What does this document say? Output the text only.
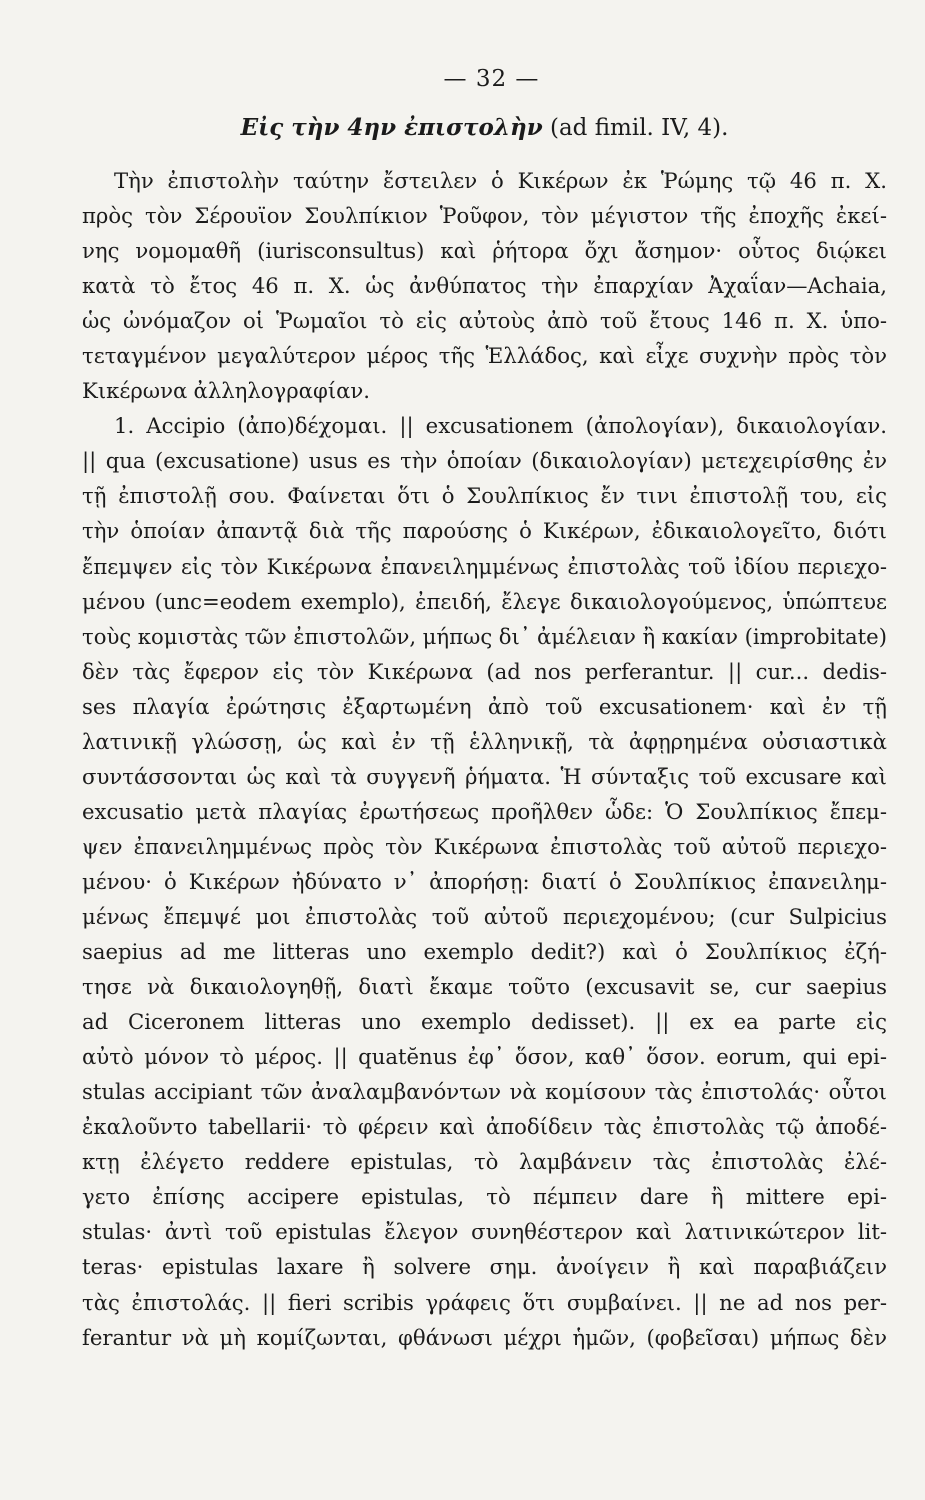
— 32 —
Εἰς τὴν 4ην ἐπιστολὴν (ad fimil. IV, 4).
Τὴν ἐπιστολὴν ταύτην ἔστειλεν ὁ Κικέρων ἐκ Ῥώμης τῷ 46 π. Χ.
πρὸς τὸν Σέρουϊον Σουλπίκιον Ῥοῦφον, τὸν μέγιστον τῆς ἐποχῆς ἐκεί-
νης νομομαθῆ (iurisconsultus) καὶ ῥήτορα ὄχι ἄσημον· οὗτος διῴκει
κατὰ τὸ ἔτος 46 π. Χ. ὡς ἀνθύπατος τὴν ἐπαρχίαν Ἀχαΐαν—Achaia,
ὡς ὠνόμαζον οἱ Ῥωμαῖοι τὸ εἰς αὐτοὺς ἀπὸ τοῦ ἔτους 146 π. Χ. ὑπο-
τεταγμένον μεγαλύτερον μέρος τῆς Ἑλλάδος, καὶ εἶχε συχνὴν πρὸς τὸν
Κικέρωνα ἀλληλογραφίαν.
1. Accipio (ἀπο)δέχομαι. || excusationem (ἀπολογίαν), δικαιολογίαν.
|| qua (excusatione) usus es τὴν ὁποίαν (δικαιολογίαν) μετεχειρίσθης ἐν
τῇ ἐπιστολῇ σου. Φαίνεται ὅτι ὁ Σουλπίκιος ἔν τινι ἐπιστολῇ του, εἰς
τὴν ὁποίαν ἀπαντᾷ διὰ τῆς παρούσης ὁ Κικέρων, ἐδικαιολογεῖτο, διότι
ἔπεμψεν εἰς τὸν Κικέρωνα ἐπανειλημμένως ἐπιστολὰς τοῦ ἰδίου περιεχο-
μένου (unc=eodem exemplo), ἐπειδή, ἔλεγε δικαιολογούμενος, ὑπώπτευε
τοὺς κομιστὰς τῶν ἐπιστολῶν, μήπως δι᾽ ἀμέλειαν ἢ κακίαν (improbitate)
δὲν τὰς ἔφερον εἰς τὸν Κικέρωνα (ad nos perferantur. || cur... dedis-
ses πλαγία ἐρώτησις ἐξαρτωμένη ἀπὸ τοῦ excusationem· καὶ ἐν τῇ
λατινικῇ γλώσσῃ, ὡς καὶ ἐν τῇ ἑλληνικῇ, τὰ ἀφῃρημένα οὐσιαστικὰ
συντάσσονται ὡς καὶ τὰ συγγενῆ ῥήματα. Ἡ σύνταξις τοῦ excusare καὶ
excusatio μετὰ πλαγίας ἐρωτήσεως προῆλθεν ὧδε: Ὁ Σουλπίκιος ἔπεμ-
ψεν ἐπανειλημμένως πρὸς τὸν Κικέρωνα ἐπιστολὰς τοῦ αὐτοῦ περιεχο-
μένου· ὁ Κικέρων ἠδύνατο ν᾽ ἀπορήσῃ: διατί ὁ Σουλπίκιος ἐπανειλημ-
μένως ἔπεμψέ μοι ἐπιστολὰς τοῦ αὐτοῦ περιεχομένου; (cur Sulpicius
saepius ad me litteras uno exemplo dedit?) καὶ ὁ Σουλπίκιος ἐζή-
τησε νὰ δικαιολογηθῇ, διατὶ ἔκαμε τοῦτο (excusavit se, cur saepius
ad Ciceronem litteras uno exemplo dedisset). || ex ea parte εἰς
αὐτὸ μόνον τὸ μέρος. || quatĕnus ἐφ᾽ ὅσον, καθ᾽ ὅσον. eorum, qui epi-
stulas accipiant τῶν ἀναλαμβανόντων νὰ κομίσουν τὰς ἐπιστολάς· οὗτοι
ἐκαλοῦντο tabellarii· τὸ φέρειν καὶ ἀποδίδειν τὰς ἐπιστολὰς τῷ ἀποδέ-
κτῃ ἐλέγετο reddere epistulas, τὸ λαμβάνειν τὰς ἐπιστολὰς ἐλέ-
γετο ἐπίσης accipere epistulas, τὸ πέμπειν dare ἢ mittere epi-
stulas· ἀντὶ τοῦ epistulas ἔλεγον συνηθέστερον καὶ λατινικώτερον lit-
teras· epistulas laxare ἢ solvere σημ. ἀνοίγειν ἢ καὶ παραβιάζειν
τὰς ἐπιστολάς. || fieri scribis γράφεις ὅτι συμβαίνει. || ne ad nos per-
ferantur νὰ μὴ κομίζωνται, φθάνωσι μέχρι ἡμῶν, (φοβεῖσαι) μήπως δὲν
